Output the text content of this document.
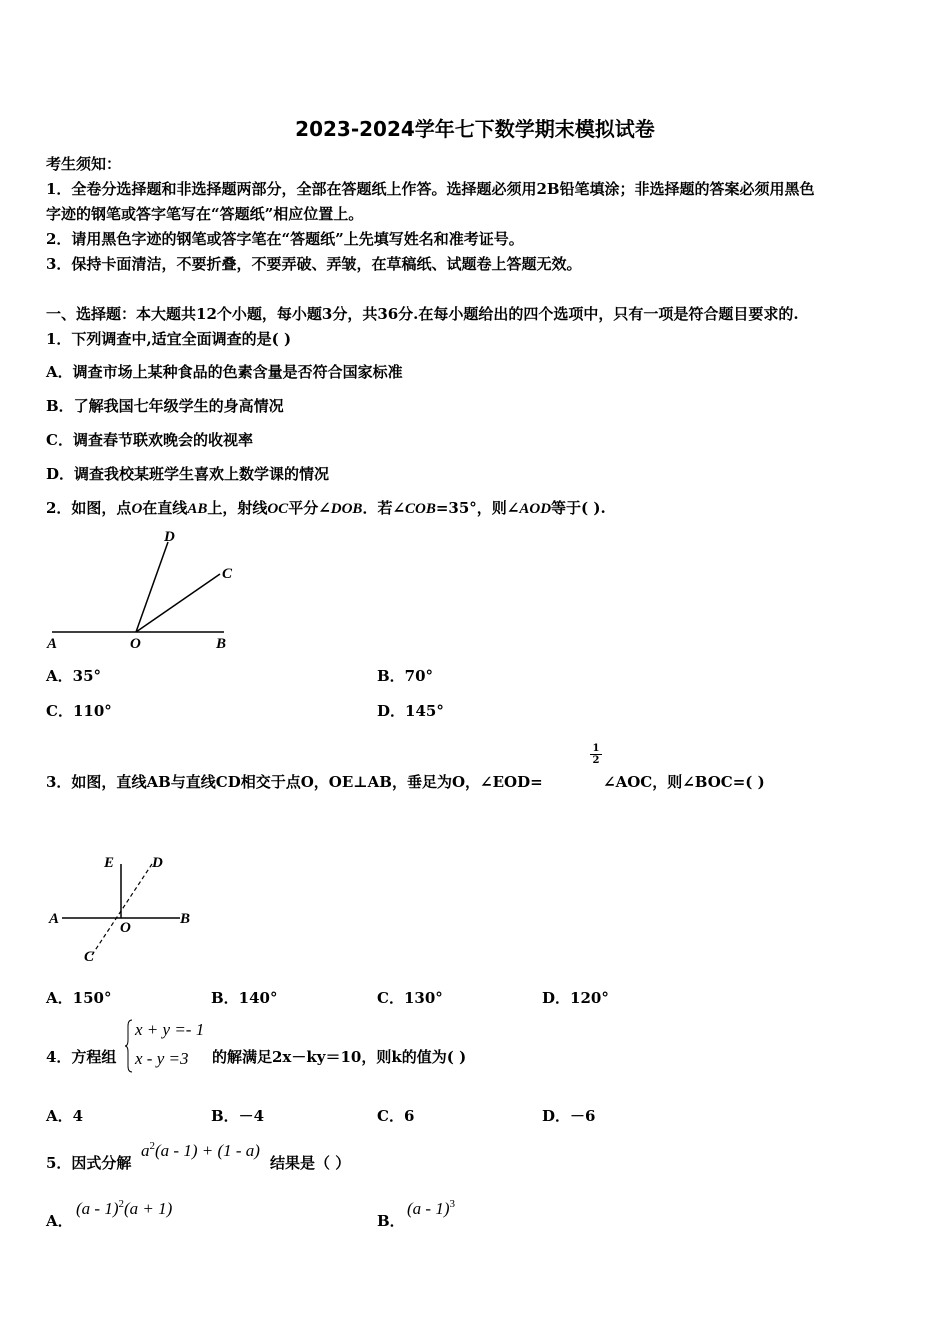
2023-2024学年七下数学期末模拟试卷
考生须知：
1．全卷分选择题和非选择题两部分，全部在答题纸上作答。选择题必须用2B铅笔填涂；非选择题的答案必须用黑色
字迹的钢笔或答字笔写在“答题纸”相应位置上。
2．请用黑色字迹的钢笔或答字笔在“答题纸”上先填写姓名和准考证号。
3．保持卡面清洁，不要折叠，不要弄破、弄皱，在草稿纸、试题卷上答题无效。
一、选择题：本大题共12个小题，每小题3分，共36分.在每小题给出的四个选项中，只有一项是符合题目要求的.
1．下列调查中,适宜全面调查的是( )
A．调查市场上某种食品的色素含量是否符合国家标准
B．了解我国七年级学生的身高情况
C．调查春节联欢晚会的收视率
D．调查我校某班学生喜欢上数学课的情况
2．如图，点O在直线AB上，射线OC平分∠DOB．若∠COB=35°，则∠AOD等于( ).
D
C
A	O	B
A．35°	B．70°
C．110°	D．145°
3．如图，直线AB与直线CD相交于点O，OE⊥AB，垂足为O，∠EOD=
$\frac{1}{2}$
∠AOC，则∠BOC=( )
E	D
A	B
O
C
A．150°	B．140°	C．130°	D．120°
4．方程组
x + y =- 1
x - y =3 的解满足2x－ky＝10，则k的值为( )
A．4	B．－4	C．6	D．－6
5．因式分解
$a^2(a - 1) + (1 - a)$
结果是（ ）
A．
(a - 1)$^2$(a + 1)
B．
(a - 1)$^3$
